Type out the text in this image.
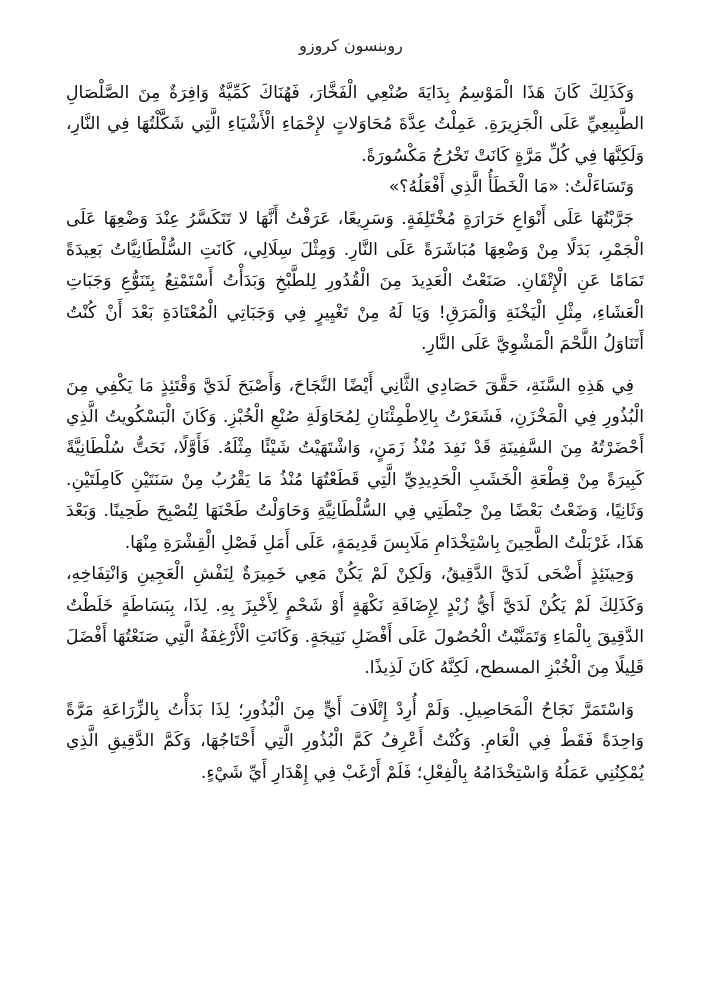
روبنسون كروزو

وَكَذَلِكَ كَانَ هَذَا الْمَوْسِمُ بِدَايَةَ صُنْعِي الْفَخَّارَ، فَهُنَاكَ كَمِّيَّةٌ وَافِرَةٌ مِنَ الصَّلْصَالِ الطَّبِيعِيِّ عَلَى الْجَزِيرَةِ. عَمِلْتُ عِدَّةَ مُحَاوَلاتٍ لإِحْمَاءِ الْأَشْيَاءِ الَّتِي شَكَّلْتُهَا فِي النَّارِ، وَلَكِنَّهَا فِي كُلِّ مَرَّةٍ كَانَتْ تَخْرُجُ مَكْسُورَةً.

وَتَسَاءَلْتُ: «مَا الْخَطَأُ الَّذِي أَفْعَلُهُ؟»

جَرَّبْتُهَا عَلَى أَنْوَاعِ حَرَارَةٍ مُخْتَلِفَةٍ. وَسَرِيعًا، عَرَفْتُ أَنَّهَا لا تَتَكَسَّرُ عِنْدَ وَضْعِهَا عَلَى الْجَمْرِ، بَدَلًا مِنْ وَضْعِهَا مُبَاشَرَةً عَلَى النَّارِ. وَمِثْلَ سِلَالِي، كَانَتِ السُّلْطَانِيَّاتُ بَعِيدَةً تَمَامًا عَنِ الْإِتْقَانِ. صَنَعْتُ الْعَدِيدَ مِنَ الْقُدُورِ لِلطَّبْخِ وَبَدَأْتُ أَسْتَمْتِعُ بِتَنَوُّعِ وَجَبَاتِ الْعَشَاءِ، مِثْلِ الْيَخْنَةِ وَالْمَرَقِ! وَيَا لَهُ مِنْ تَغْيِيرٍ فِي وَجَبَاتِي الْمُعْتَادَةِ بَعْدَ أَنْ كُنْتُ أَتَنَاوَلُ اللَّحْمَ الْمَشْوِيَّ عَلَى النَّارِ.

فِي هَذِهِ السَّنَةِ، حَقَّقَ حَصَادِي الثَّانِي أَيْضًا النَّجَاحَ، وَأَصْبَحَ لَدَيَّ وَقْتَئِذٍ مَا يَكْفِي مِنَ الْبُذُورِ فِي الْمَخْزَنِ، فَشَعَرْتُ بِالِاطْمِئْنَانِ لِمُحَاوَلَةِ صُنْعِ الْخُبْزِ. وَكَانَ الْبَسْكُويتُ الَّذِي أَحْضَرْتُهُ مِنَ السَّفِينَةِ قَدْ نَفِدَ مُنْذُ زَمَنٍ، وَاشْتَهَيْتُ شَيْئًا مِثْلَهُ. فَأَوَّلًا، نَحَتُّ سُلْطَانِيَّةً كَبِيرَةً مِنْ قِطْعَةِ الْخَشَبِ الْحَدِيدِيِّ الَّتِي قَطَعْتُهَا مُنْذُ مَا يَقْرُبُ مِنْ سَنَتَيْنِ كَامِلَتَيْنِ. وَثَانِيًا، وَضَعْتُ بَعْضًا مِنْ حِنْطَتِي فِي السُّلْطَانِيَّةِ وَحَاوَلْتُ طَحْنَهَا لِتُصْبِحَ طَحِينًا. وَبَعْدَ هَذَا، غَرْبَلْتُ الطَّحِينَ بِاسْتِخْدَامِ مَلَابِسَ قَدِيمَةٍ، عَلَى أَمَلِ فَصْلِ الْقِشْرَةِ مِنْهَا.

وَحِينَئِذٍ أَضْحَى لَدَيَّ الدَّقِيقُ، وَلَكِنْ لَمْ يَكُنْ مَعِي خَمِيرَةٌ لِنَفْشِ الْعَجِينِ وَانْتِفَاخِهِ، وَكَذَلِكَ لَمْ يَكُنْ لَدَيَّ أَيُّ زُبْدٍ لِإِضَافَةِ نَكْهَةٍ أَوْ شَحْمٍ لِأَخْبِزَ بِهِ. لِذَا، بِبَسَاطَةٍ خَلَطْتُ الدَّقِيقَ بِالْمَاءِ وَتَمَنَّيْتُ الْحُصُولَ عَلَى أَفْضَلِ نَتِيجَةٍ. وَكَانَتِ الْأَرْغِفَةُ الَّتِي صَنَعْتُهَا أَفْضَلَ قَلِيلًا مِنَ الْخُبْزِ المسطح، لَكِنَّهُ كَانَ لَذِيذًا.

وَاسْتَمَرَّ نَجَاحُ الْمَحَاصِيلِ. وَلَمْ أُرِدْ إِتْلَافَ أَيٍّ مِنَ الْبُذُورِ؛ لِذَا بَدَأْتُ بِالزِّرَاعَةِ مَرَّةً وَاحِدَةً فَقَطْ فِي الْعَامِ. وَكُنْتُ أَعْرِفُ كَمَّ الْبُذُورِ الَّتِي أَحْتَاجُهَا، وَكَمَّ الدَّقِيقِ الَّذِي يُمْكِنُنِي عَمَلُهُ وَاسْتِخْدَامُهُ بِالْفِعْلِ؛ فَلَمْ أَرْغَبْ فِي إِهْدَارِ أَيِّ شَيْءٍ.
